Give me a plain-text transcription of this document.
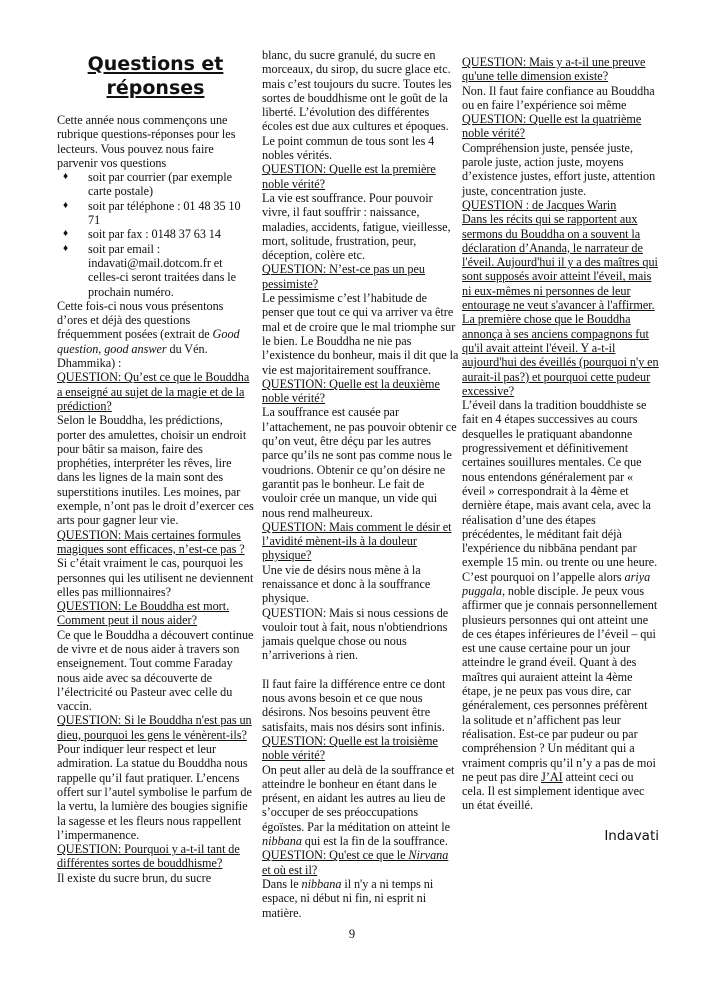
Questions et réponses
Cette année nous commençons une rubrique questions-réponses pour les lecteurs. Vous pouvez nous faire parvenir vos questions
♦ soit par courrier (par exemple carte postale)
♦ soit par téléphone : 01 48 35 10 71
♦ soit par fax : 0148 37 63 14
♦ soit par email : indavati@mail.dotcom.fr et celles-ci seront traitées dans le prochain numéro.
Cette fois-ci nous vous présentons d’ores et déjà des questions fréquemment posées (extrait de Good question, good answer du Vén. Dhammika) :
QUESTION: Qu’est ce que le Bouddha a enseigné au sujet de la magie et de la prédiction?
Selon le Bouddha, les prédictions, porter des amulettes, choisir un endroit pour bâtir sa maison, faire des prophéties, interpréter les rêves, lire dans les lignes de la main sont des superstitions inutiles. Les moines, par exemple, n’ont pas le droit d’exercer ces arts pour gagner leur vie.
QUESTION: Mais certaines formules magiques sont efficaces, n’est-ce pas ?
Si c’était vraiment le cas, pourquoi les personnes qui les utilisent ne deviennent elles pas millionnaires?
QUESTION: Le Bouddha est mort. Comment peut il nous aider?
Ce que le Bouddha a découvert continue de vivre et de nous aider à travers son enseignement. Tout comme Faraday nous aide avec sa découverte de l’électricité ou Pasteur avec celle du vaccin.
QUESTION: Si le Bouddha n'est pas un dieu, pourquoi les gens le vénèrent-ils?
Pour indiquer leur respect et leur admiration. La statue du Bouddha nous rappelle qu’il faut pratiquer. L’encens offert sur l’autel symbolise le parfum de la vertu, la lumière des bougies signifie la sagesse et les fleurs nous rappellent l’impermanence.
QUESTION: Pourquoi y a-t-il tant de différentes sortes de bouddhisme?
Il existe du sucre brun, du sucre
blanc, du sucre granulé, du sucre en morceaux, du sirop, du sucre glace etc. mais c’est toujours du sucre. Toutes les sortes de bouddhisme ont le goût de la liberté. L’évolution des différentes écoles est due aux cultures et époques. Le point commun de tous sont les 4 nobles vérités.
QUESTION: Quelle est la première noble vérité?
La vie est souffrance. Pour pouvoir vivre, il faut souffrir : naissance, maladies, accidents, fatigue, vieillesse, mort, solitude, frustration, peur, déception, colère etc.
QUESTION: N’est-ce pas un peu pessimiste?
Le pessimisme c’est l’habitude de penser que tout ce qui va arriver va être mal et de croire que le mal triomphe sur le bien. Le Bouddha ne nie pas l’existence du bonheur, mais il dit que la vie est majoritairement souffrance.
QUESTION: Quelle est la deuxième noble vérité?
La souffrance est causée par l’attachement, ne pas pouvoir obtenir ce qu’on veut, être déçu par les autres parce qu’ils ne sont pas comme nous le voudrions. Obtenir ce qu’on désire ne garantit pas le bonheur. Le fait de vouloir crée un manque, un vide qui nous rend malheureux.
QUESTION: Mais comment le désir et l’avidité mènent-ils à la douleur physique?
Une vie de désirs nous mène à la renaissance et donc à la souffrance physique.
QUESTION: Mais si nous cessions de vouloir tout à fait, nous n'obtiendrions jamais quelque chose ou nous n’arriverions à rien.
Il faut faire la différence entre ce dont nous avons besoin et ce que nous désirons. Nos besoins peuvent être satisfaits, mais nos désirs sont infinis.
QUESTION: Quelle est la troisième noble vérité?
On peut aller au delà de la souffrance et atteindre le bonheur en étant dans le présent, en aidant les autres au lieu de s’occuper de ses préoccupations égoïstes. Par la méditation on atteint le nibbana qui est la fin de la souffrance.
QUESTION: Qu'est ce que le Nirvana et où est il?
Dans le nibbana il n'y a ni temps ni espace, ni début ni fin, ni esprit ni matière.
QUESTION: Mais y a-t-il une preuve qu'une telle dimension existe?
Non. Il faut faire confiance au Bouddha ou en faire l’expérience soi même
QUESTION: Quelle est la quatrième noble vérité?
Compréhension juste, pensée juste, parole juste, action juste, moyens d’existence justes, effort juste, attention juste, concentration juste.
QUESTION : de Jacques Warin
Dans les récits qui se rapportent aux sermons du Bouddha on a souvent la déclaration d’Ananda, le narrateur de l'éveil. Aujourd'hui il y a des maîtres qui sont supposés avoir atteint l'éveil, mais ni eux-mêmes ni personnes de leur entourage ne veut s'avancer à l'affirmer. La première chose que le Bouddha annonça à ses anciens compagnons fut qu'il avait atteint l'éveil. Y a-t-il aujourd'hui des éveillés (pourquoi n'y en aurait-il pas?) et pourquoi cette pudeur excessive?
L’éveil dans la tradition bouddhiste se fait en 4 étapes successives au cours desquelles le pratiquant abandonne progressivement et définitivement certaines souillures mentales. Ce que nous entendons généralement par « éveil » correspondrait à la 4ème et dernière étape, mais avant cela, avec la réalisation d’une des étapes précédentes, le méditant fait déjà l'expérience du nibbāna pendant par exemple 15 min. ou trente ou une heure. C’est pourquoi on l’appelle alors ariya puggala, noble disciple. Je peux vous affirmer que je connais personnellement plusieurs personnes qui ont atteint une de ces étapes inférieures de l’éveil – qui est une cause certaine pour un jour atteindre le grand éveil. Quant à des maîtres qui auraient atteint la 4ème étape, je ne peux pas vous dire, car généralement, ces personnes préfèrent la solitude et n’affichent pas leur réalisation. Est-ce par pudeur ou par compréhension ? Un méditant qui a vraiment compris qu’il n’y a pas de moi ne peut pas dire J’AI atteint ceci ou cela. Il est simplement identique avec un état éveillé.
Indavati
9
